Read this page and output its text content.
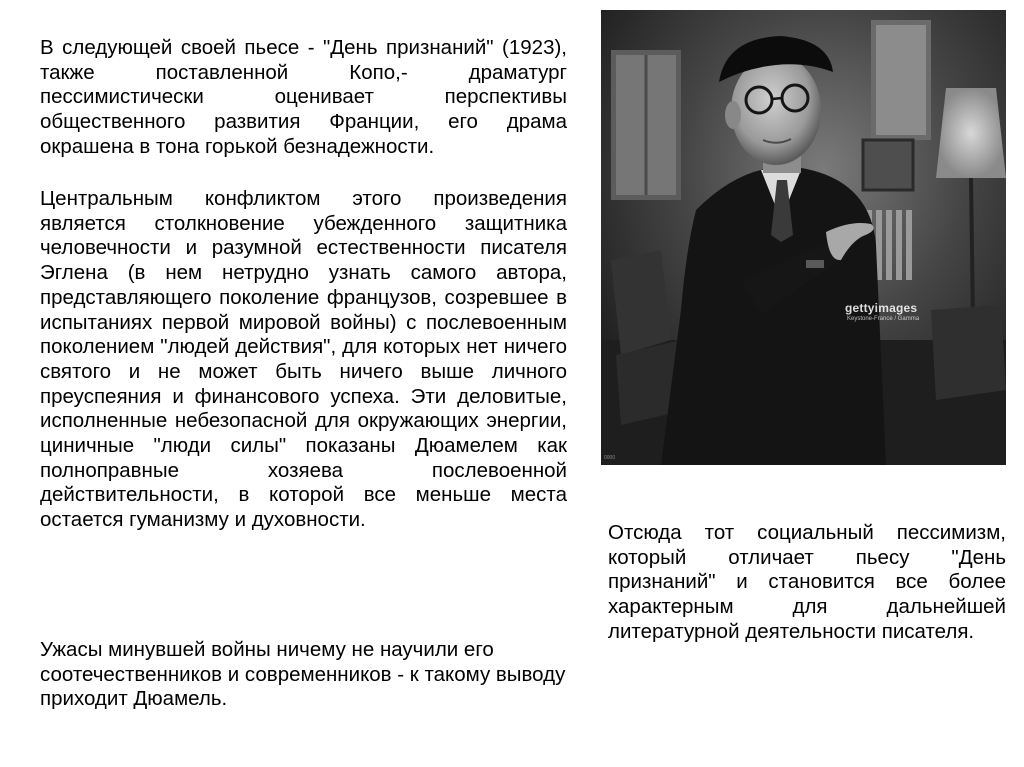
В следующей своей пьесе - "День признаний" (1923), также поставленной Копо,- драматург пессимистически оценивает перспективы общественного развития Франции, его драма окрашена в тона горькой безнадежности.

Центральным конфликтом этого произведения является столкновение убежденного защитника человечности и разумной естественности писателя Эглена (в нем нетрудно узнать самого автора, представляющего поколение французов, созревшее в испытаниях первой мировой войны) с послевоенным поколением "людей действия", для которых нет ничего святого и не может быть ничего выше личного преуспеяния и финансового успеха. Эти деловитые, исполненные небезопасной для окружающих энергии, циничные "люди силы" показаны Дюамелем как полноправные хозяева послевоенной действительности, в которой все меньше места остается гуманизму и духовности.

Ужасы минувшей войны ничему не научили его соотечественников и современников - к такому выводу приходит Дюамель.

Отсюда тот социальный пессимизм, который отличает пьесу "День признаний" и становится все более характерным для дальнейшей литературной деятельности писателя.

gettyimages
Keystone-France / Gamma
0000
